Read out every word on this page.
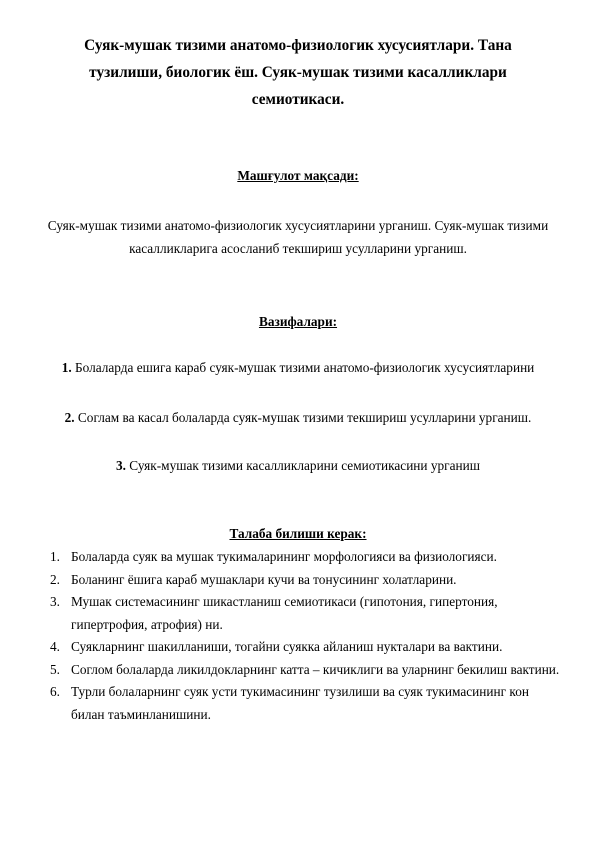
Суяк-мушак тизими анатомо-физиологик хусусиятлари. Тана тузилиши, биологик ёш. Суяк-мушак тизими касалликлари семиотикаси.
Машғулот мақсади:
Суяк-мушак тизими анатомо-физиологик хусусиятларини урганиш. Суяк-мушак тизими касалликларига асосланиб текшириш усулларини урганиш.
Вазифалари:
1. Болаларда ешига караб суяк-мушак тизими анатомо-физиологик хусусиятларини
2. Соглам ва касал болаларда суяк-мушак тизими текшириш усулларини урганиш.
3. Суяк-мушак тизими касалликларини семиотикасини урганиш
Талаба билиши керак:
1. Болаларда суяк ва мушак тукималарининг морфологияси ва физиологияси.
2. Боланинг ёшига караб мушаклари кучи ва тонусининг холатларини.
3. Мушак системасининг шикастланиш семиотикаси (гипотония, гипертония, гипертрофия, атрофия) ни.
4. Суякларнинг шакилланиши, тогайни суякка айланиш нукталари ва вактини.
5. Соглом болаларда ликилдокларнинг катта – кичиклиги ва уларнинг бекилиш вактини.
6. Турли болаларнинг суяк усти тукимасининг тузилиши ва суяк тукимасининг кон билан таъминланишини.
